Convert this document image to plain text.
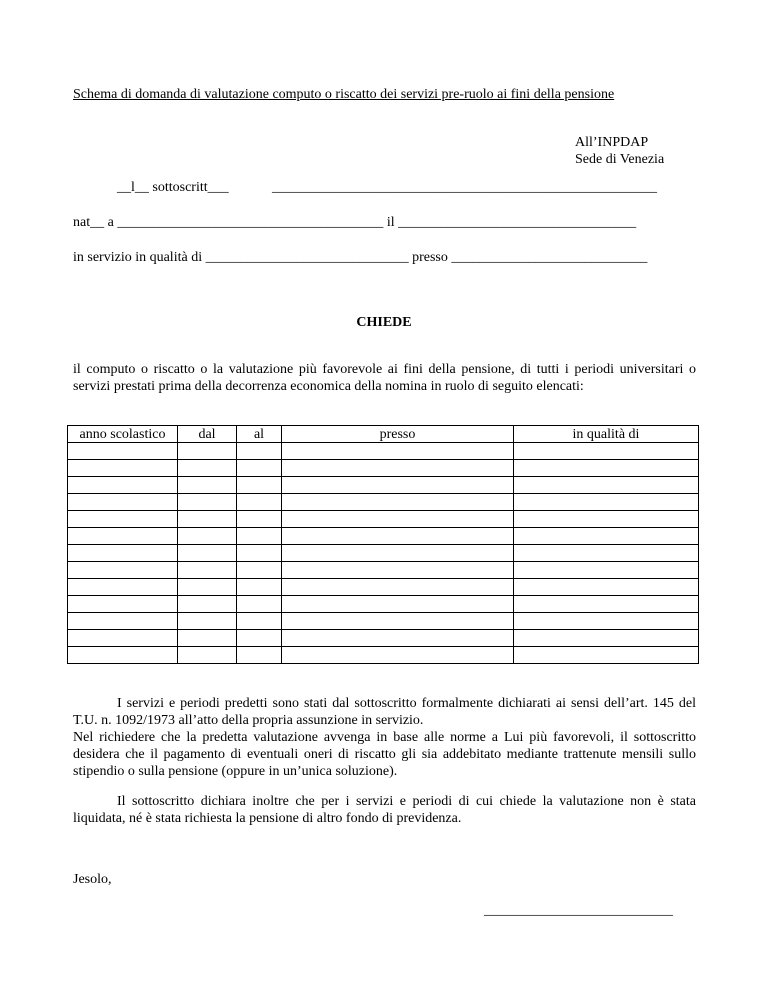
Schema di domanda di valutazione computo o riscatto dei servizi pre-ruolo ai fini della pensione
All’INPDAP
Sede di Venezia
__l__ sottoscritt___	_______________________________________________________
nat__ a ______________________________________ il __________________________________
in servizio in qualità di _____________________________ presso ____________________________
CHIEDE
il computo o riscatto o la valutazione più favorevole ai fini della pensione, di tutti i periodi universitari o servizi prestati prima della decorrenza economica della nomina in ruolo di seguito elencati:
anno scolastico	dal	al	presso	in qualità di

I servizi e periodi predetti sono stati dal sottoscritto formalmente dichiarati ai sensi dell’art. 145 del T.U. n. 1092/1973 all’atto della propria assunzione in servizio.
Nel richiedere che la predetta valutazione avvenga in base alle norme a Lui più favorevoli, il sottoscritto desidera che il pagamento di eventuali oneri di riscatto gli sia addebitato mediante trattenute mensili sullo stipendio o sulla pensione (oppure in un’unica soluzione).
Il sottoscritto dichiara inoltre che per i servizi e periodi di cui chiede la valutazione non è stata liquidata, né è stata richiesta la pensione di altro fondo di previdenza.
Jesolo,
___________________________
